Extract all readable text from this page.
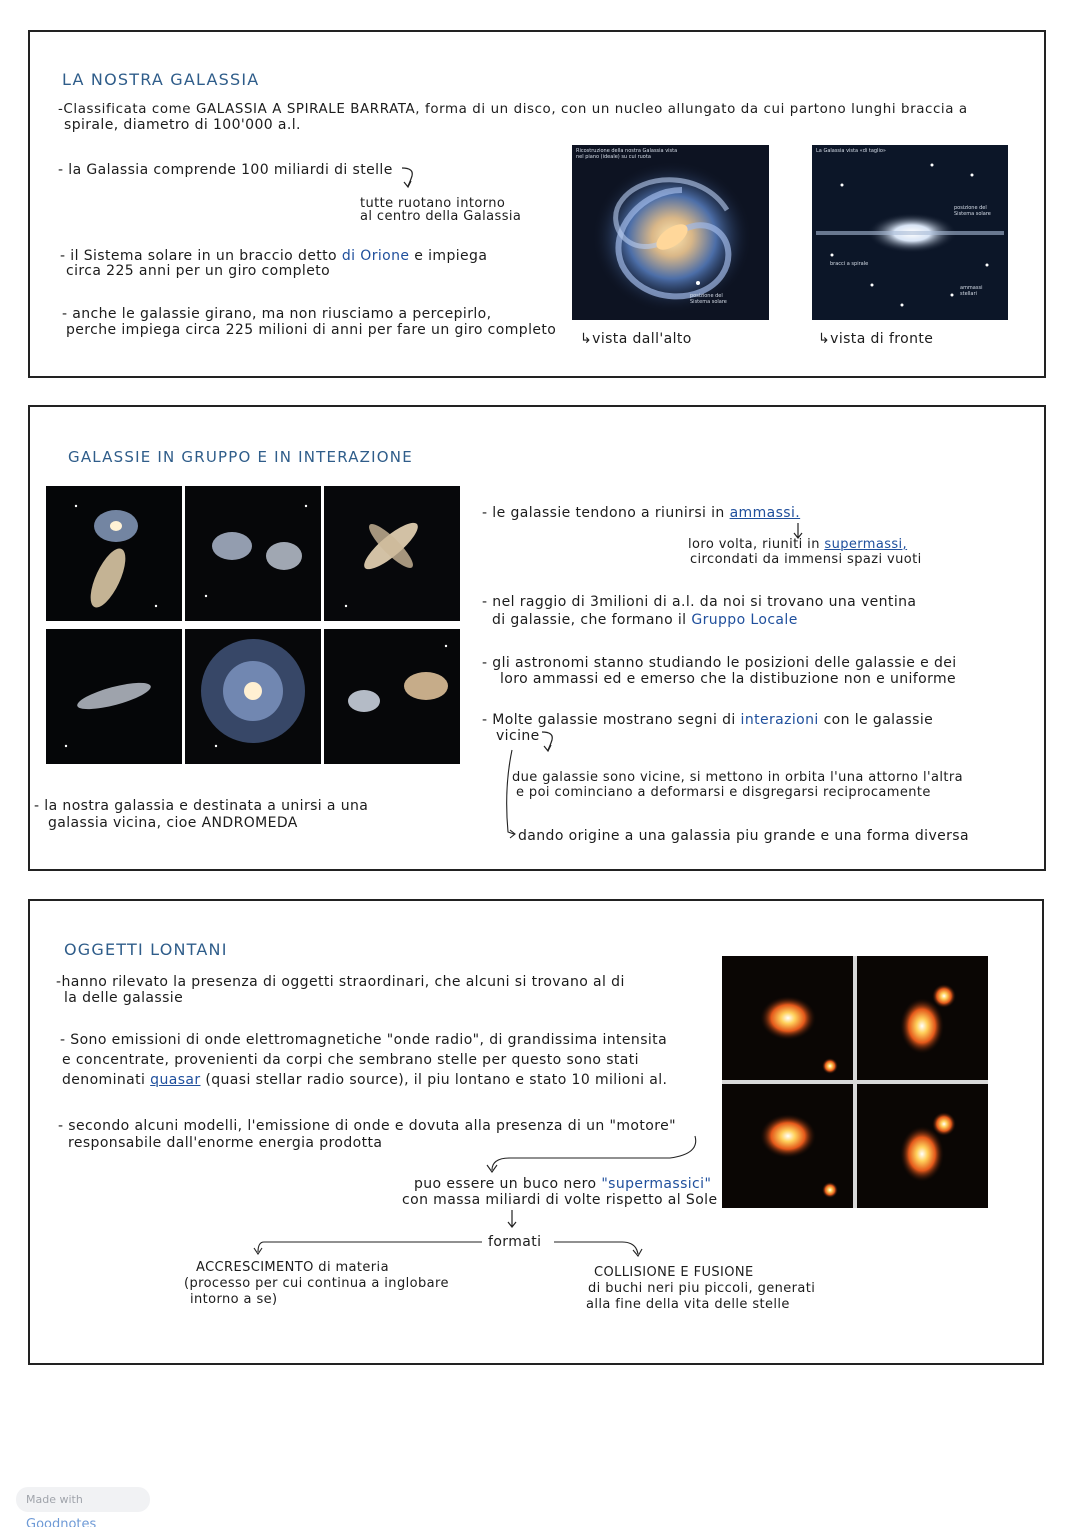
LA NOSTRA GALASSIA
-Classificata come GALASSIA A SPIRALE BARRATA, forma di un disco, con un nucleo allungato da cui partono lunghi braccia a
spirale, diametro di 100'000 a.l.
- la Galassia comprende 100 miliardi di stelle
tutte ruotano intorno
al centro della Galassia
- il Sistema solare in un braccio detto di Orione e impiega
circa 225 anni per un giro completo
- anche le galassie girano, ma non riusciamo a percepirlo,
perche impiega circa 225 milioni di anni per fare un giro completo
Ricostruzione della nostra Galassia vista nel piano (ideale) su cui ruota
posizione del Sistema solare
↳vista dall'alto
La Galassia vista «di taglio»
posizione del Sistema solare
bracci a spirale
ammassi stellari
↳vista di fronte
GALASSIE IN GRUPPO E IN INTERAZIONE
- le galassie tendono a riunirsi in ammassi.
loro volta, riuniti in supermassi,
circondati da immensi spazi vuoti
- nel raggio di 3milioni di a.l. da noi si trovano una ventina
di galassie, che formano il Gruppo Locale
- gli astronomi stanno studiando le posizioni delle galassie e dei
loro ammassi ed e emerso che la distibuzione non e uniforme
- Molte galassie mostrano segni di interazioni con le galassie
vicine
due galassie sono vicine, si mettono in orbita l'una attorno l'altra
e poi cominciano a deformarsi e disgregarsi reciprocamente
dando origine a una galassia piu grande e una forma diversa
- la nostra galassia e destinata a unirsi a una
galassia vicina, cioe ANDROMEDA
OGGETTI LONTANI
-hanno rilevato la presenza di oggetti straordinari, che alcuni si trovano al di
la delle galassie
- Sono emissioni di onde elettromagnetiche "onde radio", di grandissima intensita
e concentrate, provenienti da corpi che sembrano stelle per questo sono stati
denominati quasar (quasi stellar radio source), il piu lontano e stato 10 milioni al.
- secondo alcuni modelli, l'emissione di onde e dovuta alla presenza di un "motore"
responsabile dall'enorme energia prodotta
puo essere un buco nero "supermassici"
con massa miliardi di volte rispetto al Sole
formati
ACCRESCIMENTO di materia
(processo per cui continua a inglobare
intorno a se)
COLLISIONE E FUSIONE
di buchi neri piu piccoli, generati
alla fine della vita delle stelle
Made with Goodnotes
